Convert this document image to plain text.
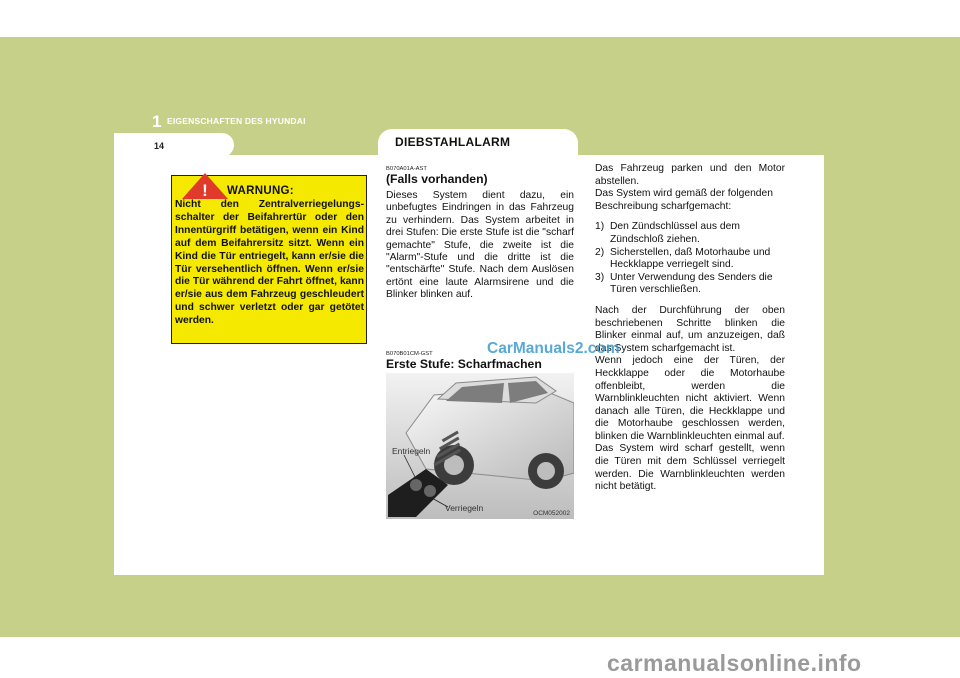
1 EIGENSCHAFTEN DES HYUNDAI
14	DIEBSTAHLALARM
! WARNUNG:
Nicht den Zentralverriegelungs-schalter der Beifahrertür oder den Innentürgriff betätigen, wenn ein Kind auf dem Beifahrersitz sitzt. Wenn ein Kind die Tür entriegelt, kann er/sie die Tür versehentlich öffnen. Wenn er/sie die Tür während der Fahrt öffnet, kann er/sie aus dem Fahrzeug geschleudert und schwer verletzt oder gar getötet werden.
B070A01A-AST
(Falls vorhanden)
Dieses System dient dazu, ein unbefugtes Eindringen in das Fahrzeug zu verhindern. Das System arbeitet in drei Stufen: Die erste Stufe ist die "scharf gemachte" Stufe, die zweite ist die "Alarm"-Stufe und die dritte ist die "entschärfte" Stufe. Nach dem Auslösen ertönt eine laute Alarmsirene und die Blinker blinken auf.
B070B01CM-GST
Erste Stufe: Scharfmachen
Entriegeln
Verriegeln
OCM052002

Das Fahrzeug parken und den Motor abstellen.

Das System wird gemäß der folgenden Beschreibung scharfgemacht:

1) Den Zündschlüssel aus dem Zündschloß ziehen.
2) Sicherstellen, daß Motorhaube und Heckklappe verriegelt sind.
3) Unter Verwendung des Senders die Türen verschließen.

Nach der Durchführung der oben beschriebenen Schritte blinken die Blinker einmal auf, um anzuzeigen, daß das System scharfgemacht ist.

Wenn jedoch eine der Türen, der Heckklappe oder die Motorhaube offenbleibt, werden die Warnblinkleuchten nicht aktiviert. Wenn danach alle Türen, die Heckklappe und die Motorhaube geschlossen werden, blinken die Warnblinkleuchten einmal auf.

Das System wird scharf gestellt, wenn die Türen mit dem Schlüssel verriegelt werden. Die Warnblinkleuchten werden nicht betätigt.

CarManuals2.com
carmanualsonline.info
